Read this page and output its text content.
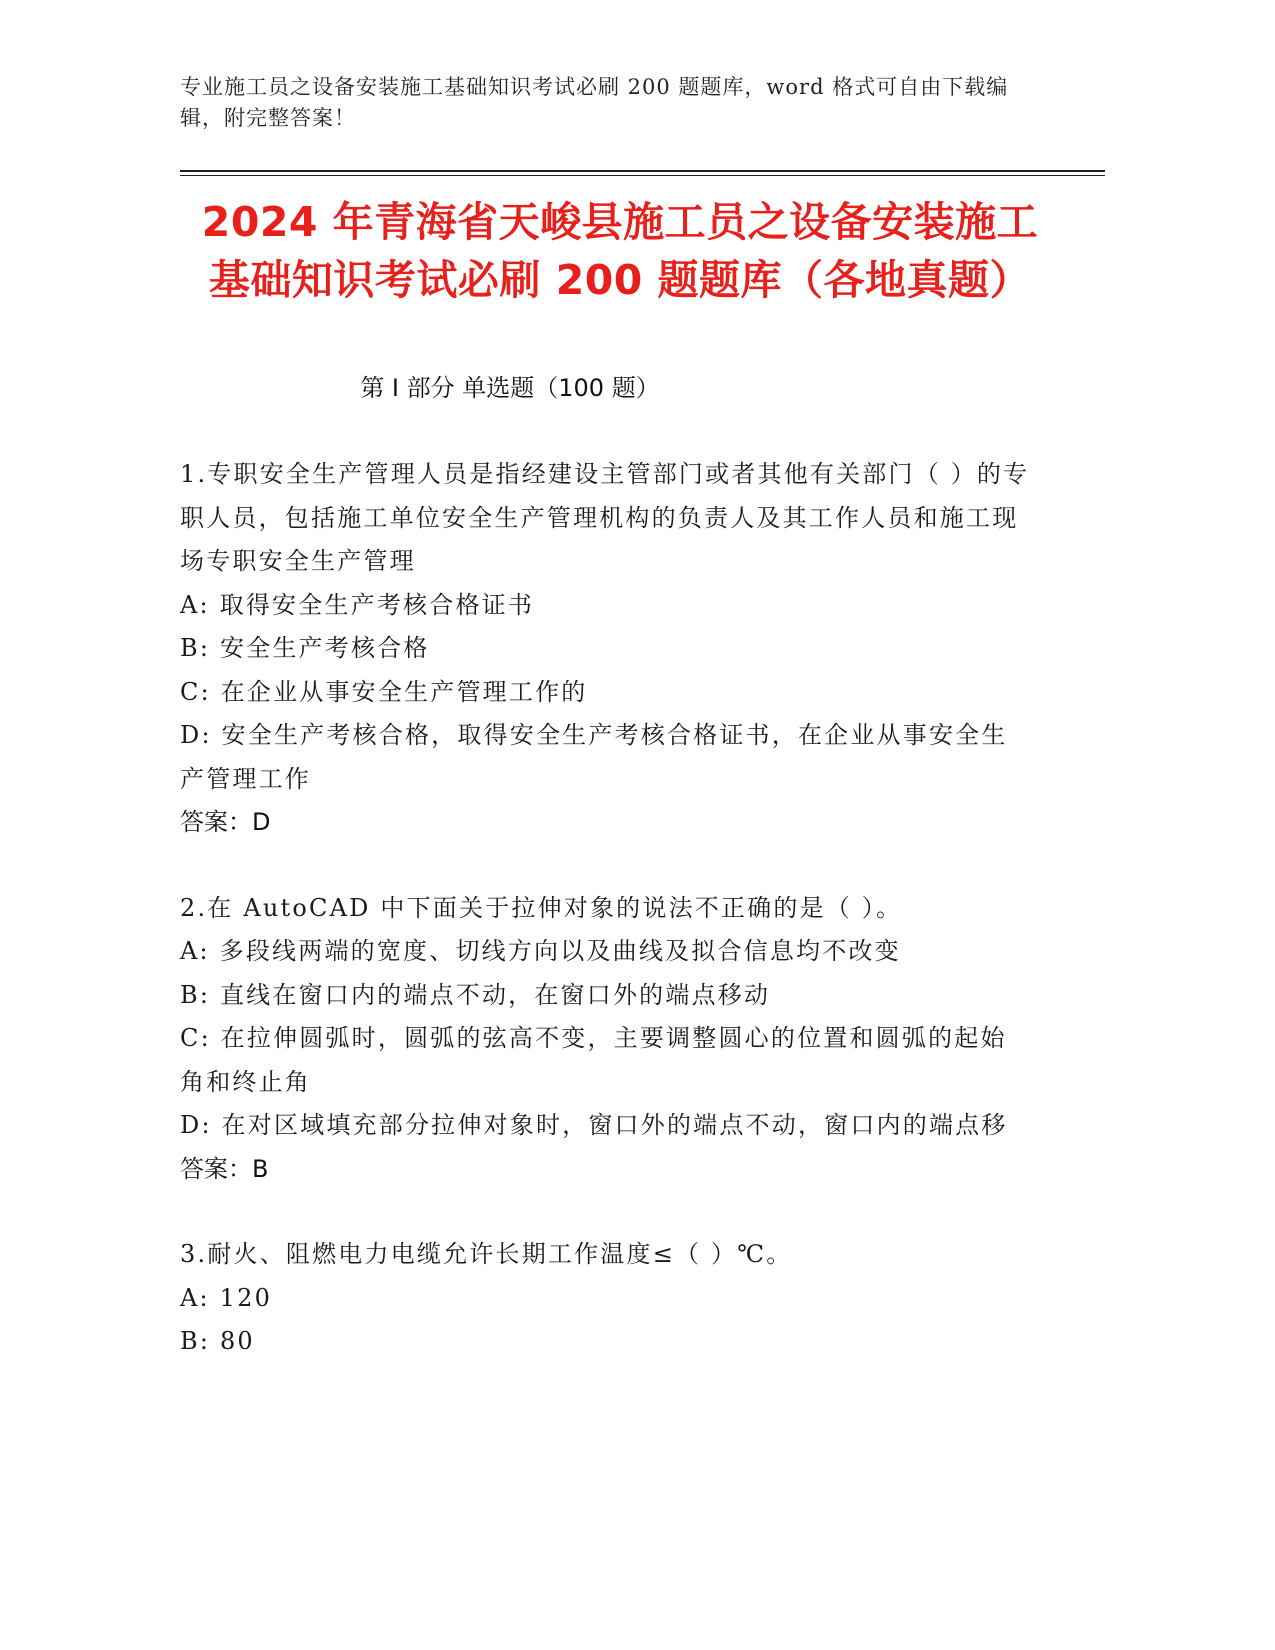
专业施工员之设备安装施工基础知识考试必刷 200 题题库，word 格式可自由下载编辑，附完整答案！
2024 年青海省天峻县施工员之设备安装施工
基础知识考试必刷 200 题题库（各地真题）
第 I 部分 单选题（100 题）

1.专职安全生产管理人员是指经建设主管部门或者其他有关部门（ ）的专职人员，包括施工单位安全生产管理机构的负责人及其工作人员和施工现场专职安全生产管理

A: 取得安全生产考核合格证书

B: 安全生产考核合格

C: 在企业从事安全生产管理工作的

D: 安全生产考核合格，取得安全生产考核合格证书，在企业从事安全生产管理工作

答案：D

2.在 AutoCAD 中下面关于拉伸对象的说法不正确的是（ ）。

A: 多段线两端的宽度、切线方向以及曲线及拟合信息均不改变

B: 直线在窗口内的端点不动，在窗口外的端点移动

C: 在拉伸圆弧时，圆弧的弦高不变，主要调整圆心的位置和圆弧的起始角和终止角

D: 在对区域填充部分拉伸对象时，窗口外的端点不动，窗口内的端点移

答案：B

3.耐火、阻燃电力电缆允许长期工作温度≤（ ）℃。

A: 120

B: 80
